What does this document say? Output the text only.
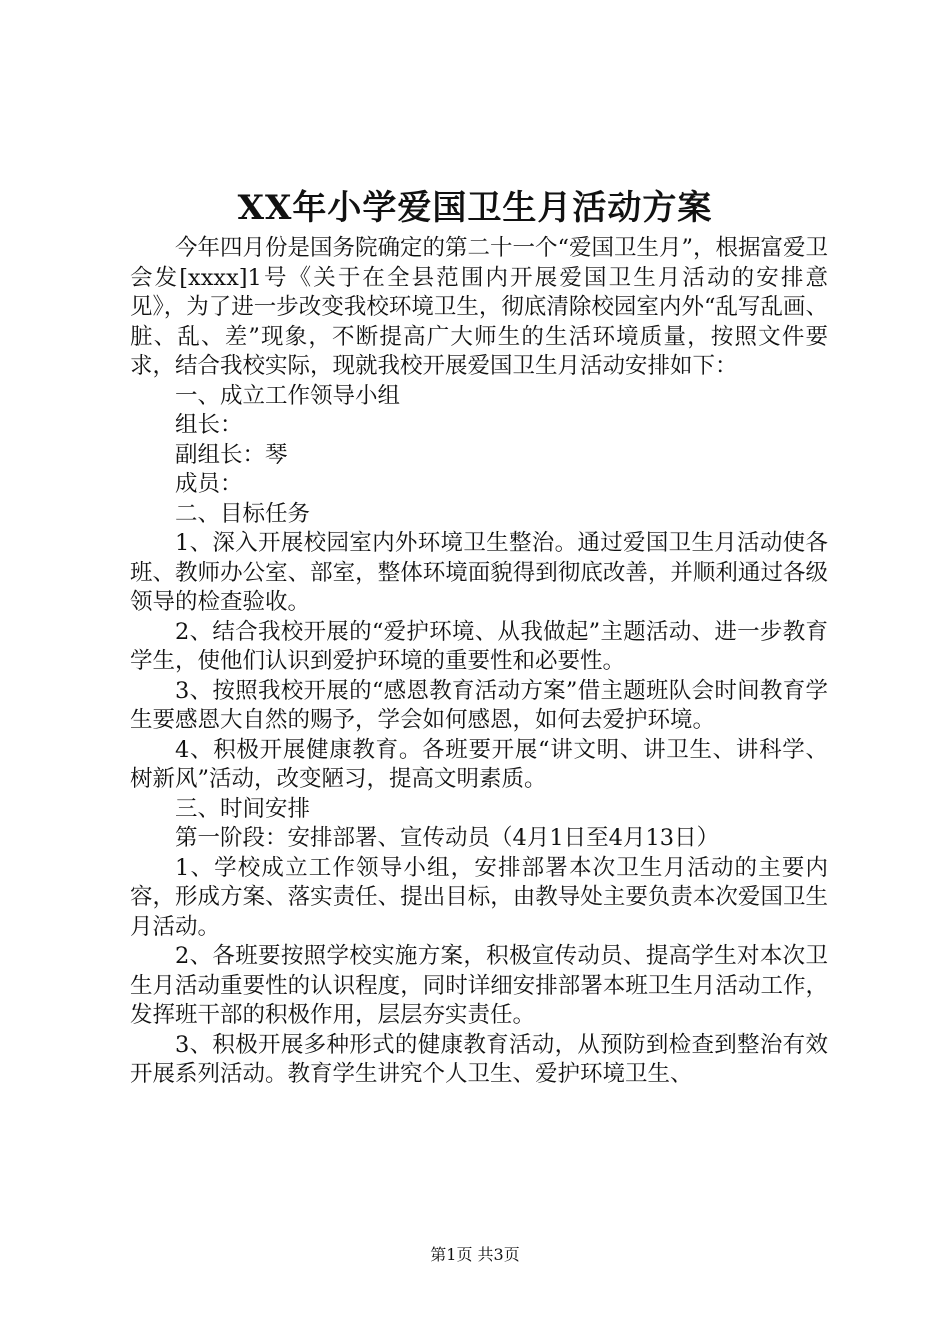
XX年小学爱国卫生月活动方案

今年四月份是国务院确定的第二十一个“爱国卫生月”，根据富爱卫会发[xxxx]1号《关于在全县范围内开展爱国卫生月活动的安排意见》，为了进一步改变我校环境卫生，彻底清除校园室内外“乱写乱画、脏、乱、差”现象，不断提高广大师生的生活环境质量，按照文件要求，结合我校实际，现就我校开展爱国卫生月活动安排如下：

一、成立工作领导小组

组长：

副组长：琴

成员：

二、目标任务

1、深入开展校园室内外环境卫生整治。通过爱国卫生月活动使各班、教师办公室、部室，整体环境面貌得到彻底改善，并顺利通过各级领导的检查验收。

2、结合我校开展的“爱护环境、从我做起”主题活动、进一步教育学生，使他们认识到爱护环境的重要性和必要性。

3、按照我校开展的“感恩教育活动方案”借主题班队会时间教育学生要感恩大自然的赐予，学会如何感恩，如何去爱护环境。

4、积极开展健康教育。各班要开展“讲文明、讲卫生、讲科学、树新风”活动，改变陋习，提高文明素质。

三、时间安排

第一阶段：安排部署、宣传动员（4月1日至4月13日）

1、学校成立工作领导小组，安排部署本次卫生月活动的主要内容，形成方案、落实责任、提出目标，由教导处主要负责本次爱国卫生月活动。

2、各班要按照学校实施方案，积极宣传动员、提高学生对本次卫生月活动重要性的认识程度，同时详细安排部署本班卫生月活动工作，发挥班干部的积极作用，层层夯实责任。

3、积极开展多种形式的健康教育活动，从预防到检查到整治有效开展系列活动。教育学生讲究个人卫生、爱护环境卫生、

第1页 共3页
